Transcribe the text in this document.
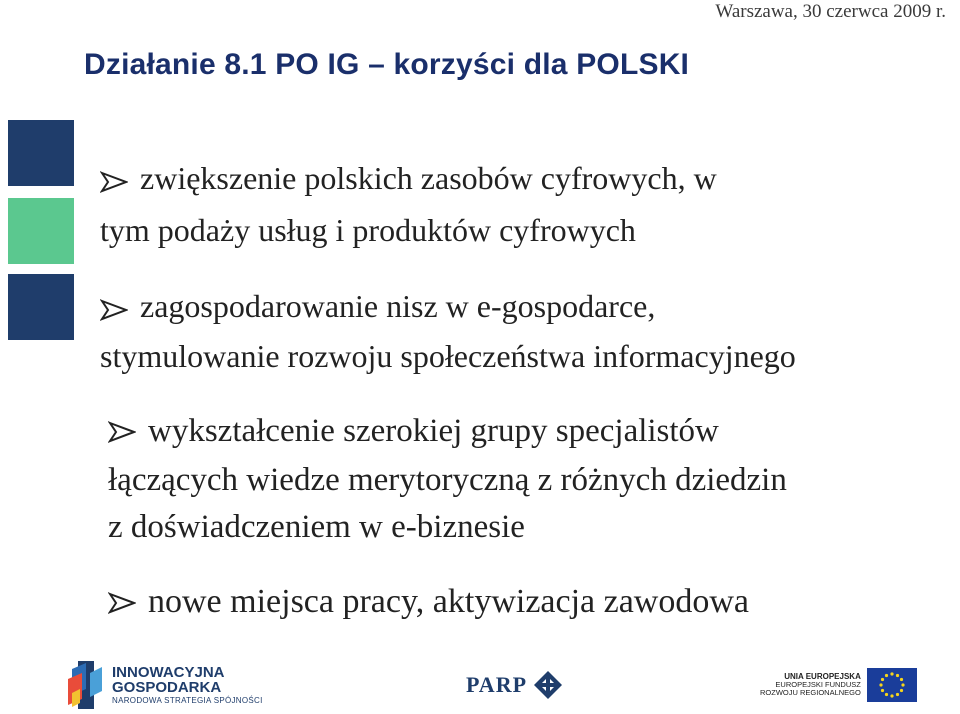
Warszawa, 30 czerwca 2009 r.
Działanie 8.1 PO IG – korzyści dla POLSKI
zwiększenie polskich zasobów cyfrowych, w
tym podaży usług i produktów cyfrowych
zagospodarowanie nisz w e-gospodarce,
stymulowanie rozwoju społeczeństwa informacyjnego
wykształcenie szerokiej grupy specjalistów
łączących wiedze merytoryczną z różnych dziedzin
z doświadczeniem w e-biznesie
nowe miejsca pracy, aktywizacja zawodowa
INNOWACYJNA
GOSPODARKA
NARODOWA STRATEGIA SPÓJNOŚCI
PARP	UNIA EUROPEJSKA
EUROPEJSKI FUNDUSZ
ROZWOJU REGIONALNEGO
